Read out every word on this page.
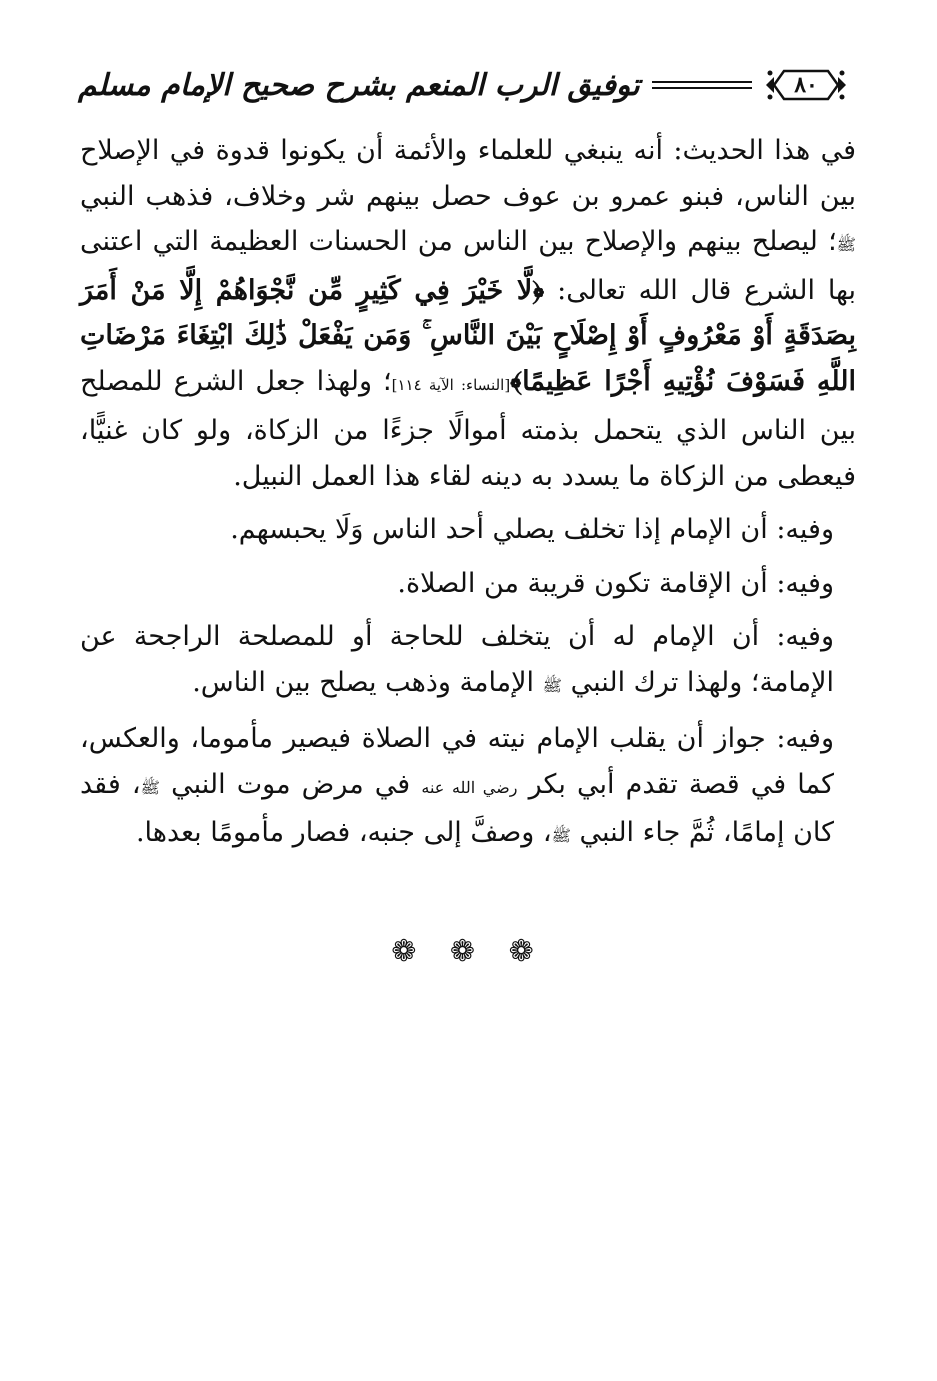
٨٠
توفيق الرب المنعم بشرح صحيح الإمام مسلم

في هذا الحديث: أنه ينبغي للعلماء والأئمة أن يكونوا قدوة في الإصلاح بين الناس، فبنو عمرو بن عوف حصل بينهم شر وخلاف، فذهب النبي ﷺ؛ ليصلح بينهم والإصلاح بين الناس من الحسنات العظيمة التي اعتنى بها الشرع قال الله تعالى: ﴿لَّا خَيْرَ فِي كَثِيرٍ مِّن نَّجْوَاهُمْ إِلَّا مَنْ أَمَرَ بِصَدَقَةٍ أَوْ مَعْرُوفٍ أَوْ إِصْلَاحٍ بَيْنَ النَّاسِ ۚ وَمَن يَفْعَلْ ذَٰلِكَ ابْتِغَاءَ مَرْضَاتِ اللَّهِ فَسَوْفَ نُؤْتِيهِ أَجْرًا عَظِيمًا﴾[النساء: الآية ١١٤]؛ ولهذا جعل الشرع للمصلح بين الناس الذي يتحمل بذمته أموالًا جزءًا من الزكاة، ولو كان غنيًّا، فيعطى من الزكاة ما يسدد به دينه لقاء هذا العمل النبيل.

وفيه: أن الإمام إذا تخلف يصلي أحد الناس وَلَا يحبسهم.

وفيه: أن الإقامة تكون قريبة من الصلاة.

وفيه: أن الإمام له أن يتخلف للحاجة أو للمصلحة الراجحة عن الإمامة؛ ولهذا ترك النبي ﷺ الإمامة وذهب يصلح بين الناس.

وفيه: جواز أن يقلب الإمام نيته في الصلاة فيصير مأموما، والعكس، كما في قصة تقدم أبي بكر رضي الله عنه في مرض موت النبي ﷺ، فقد كان إمامًا، ثُمَّ جاء النبي ﷺ، وصفَّ إلى جنبه، فصار مأمومًا بعدها.

❁ ❁ ❁
